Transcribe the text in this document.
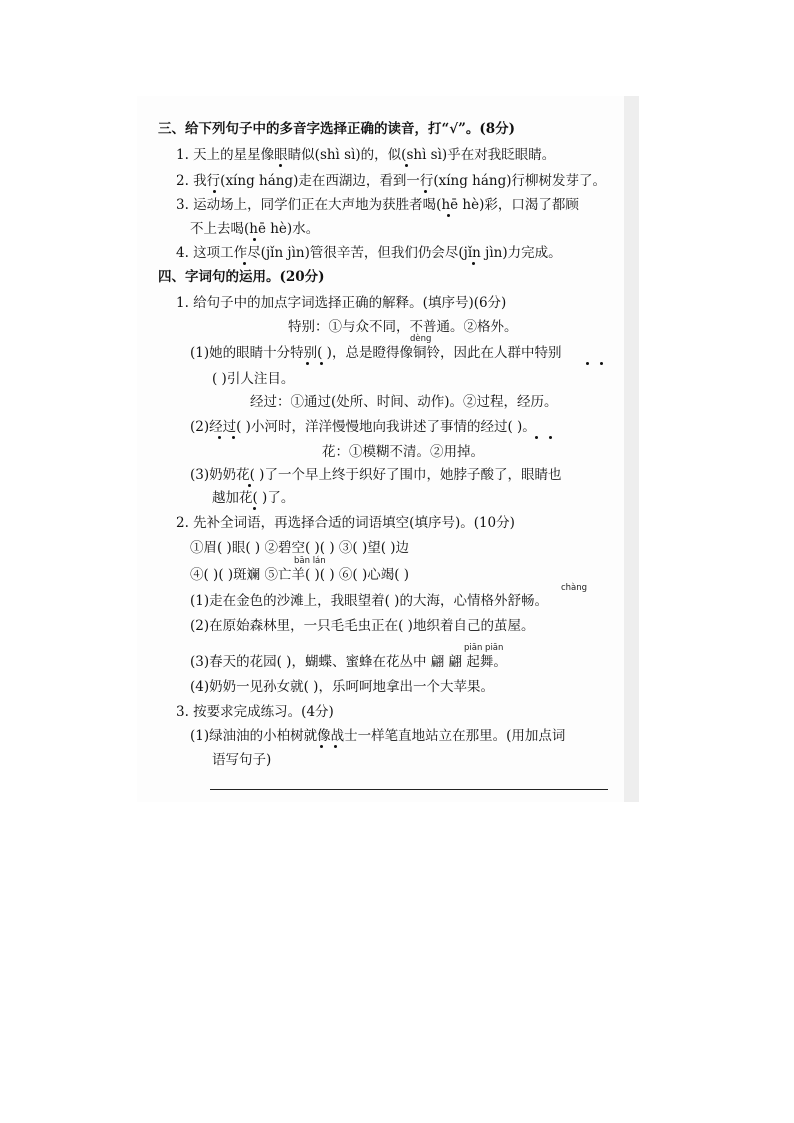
三、给下列句子中的多音字选择正确的读音，打“√”。(8分)
1. 天上的星星像眼睛似(shì sì)的，似(shì sì)乎在对我眨眼睛。
2. 我行(xíng háng)走在西湖边，看到一行(xíng háng)行柳树发芽了。
3. 运动场上，同学们正在大声地为获胜者喝(hē hè)彩，口渴了都顾
不上去喝(hē hè)水。
4. 这项工作尽(jǐn jìn)管很辛苦，但我们仍会尽(jǐn jìn)力完成。
四、字词句的运用。(20分)
1. 给句子中的加点字词选择正确的解释。(填序号)(6分)
特别：①与众不同，不普通。②格外。
dèng
(1)她的眼睛十分特别( )，总是瞪得像铜铃，因此在人群中特别
( )引人注目。
经过：①通过(处所、时间、动作)。②过程，经历。
(2)经过( )小河时，洋洋慢慢地向我讲述了事情的经过( )。
花：①模糊不清。②用掉。
(3)奶奶花( )了一个早上终于织好了围巾，她脖子酸了，眼睛也
越加花( )了。
2. 先补全词语，再选择合适的词语填空(填序号)。(10分)
①眉( )眼( ) ②碧空( )( ) ③( )望( )边
bān lán
④( )( )斑斓 ⑤亡羊( )( ) ⑥( )心竭( )
chàng
(1)走在金色的沙滩上，我眼望着( )的大海，心情格外舒畅。
(2)在原始森林里，一只毛毛虫正在( )地织着自己的茧屋。
piān piān
(3)春天的花园( )，蝴蝶、蜜蜂在花丛中 翩 翩 起舞。
(4)奶奶一见孙女就( )，乐呵呵地拿出一个大苹果。
3. 按要求完成练习。(4分)
(1)绿油油的小柏树就像战士一样笔直地站立在那里。(用加点词
语写句子)
